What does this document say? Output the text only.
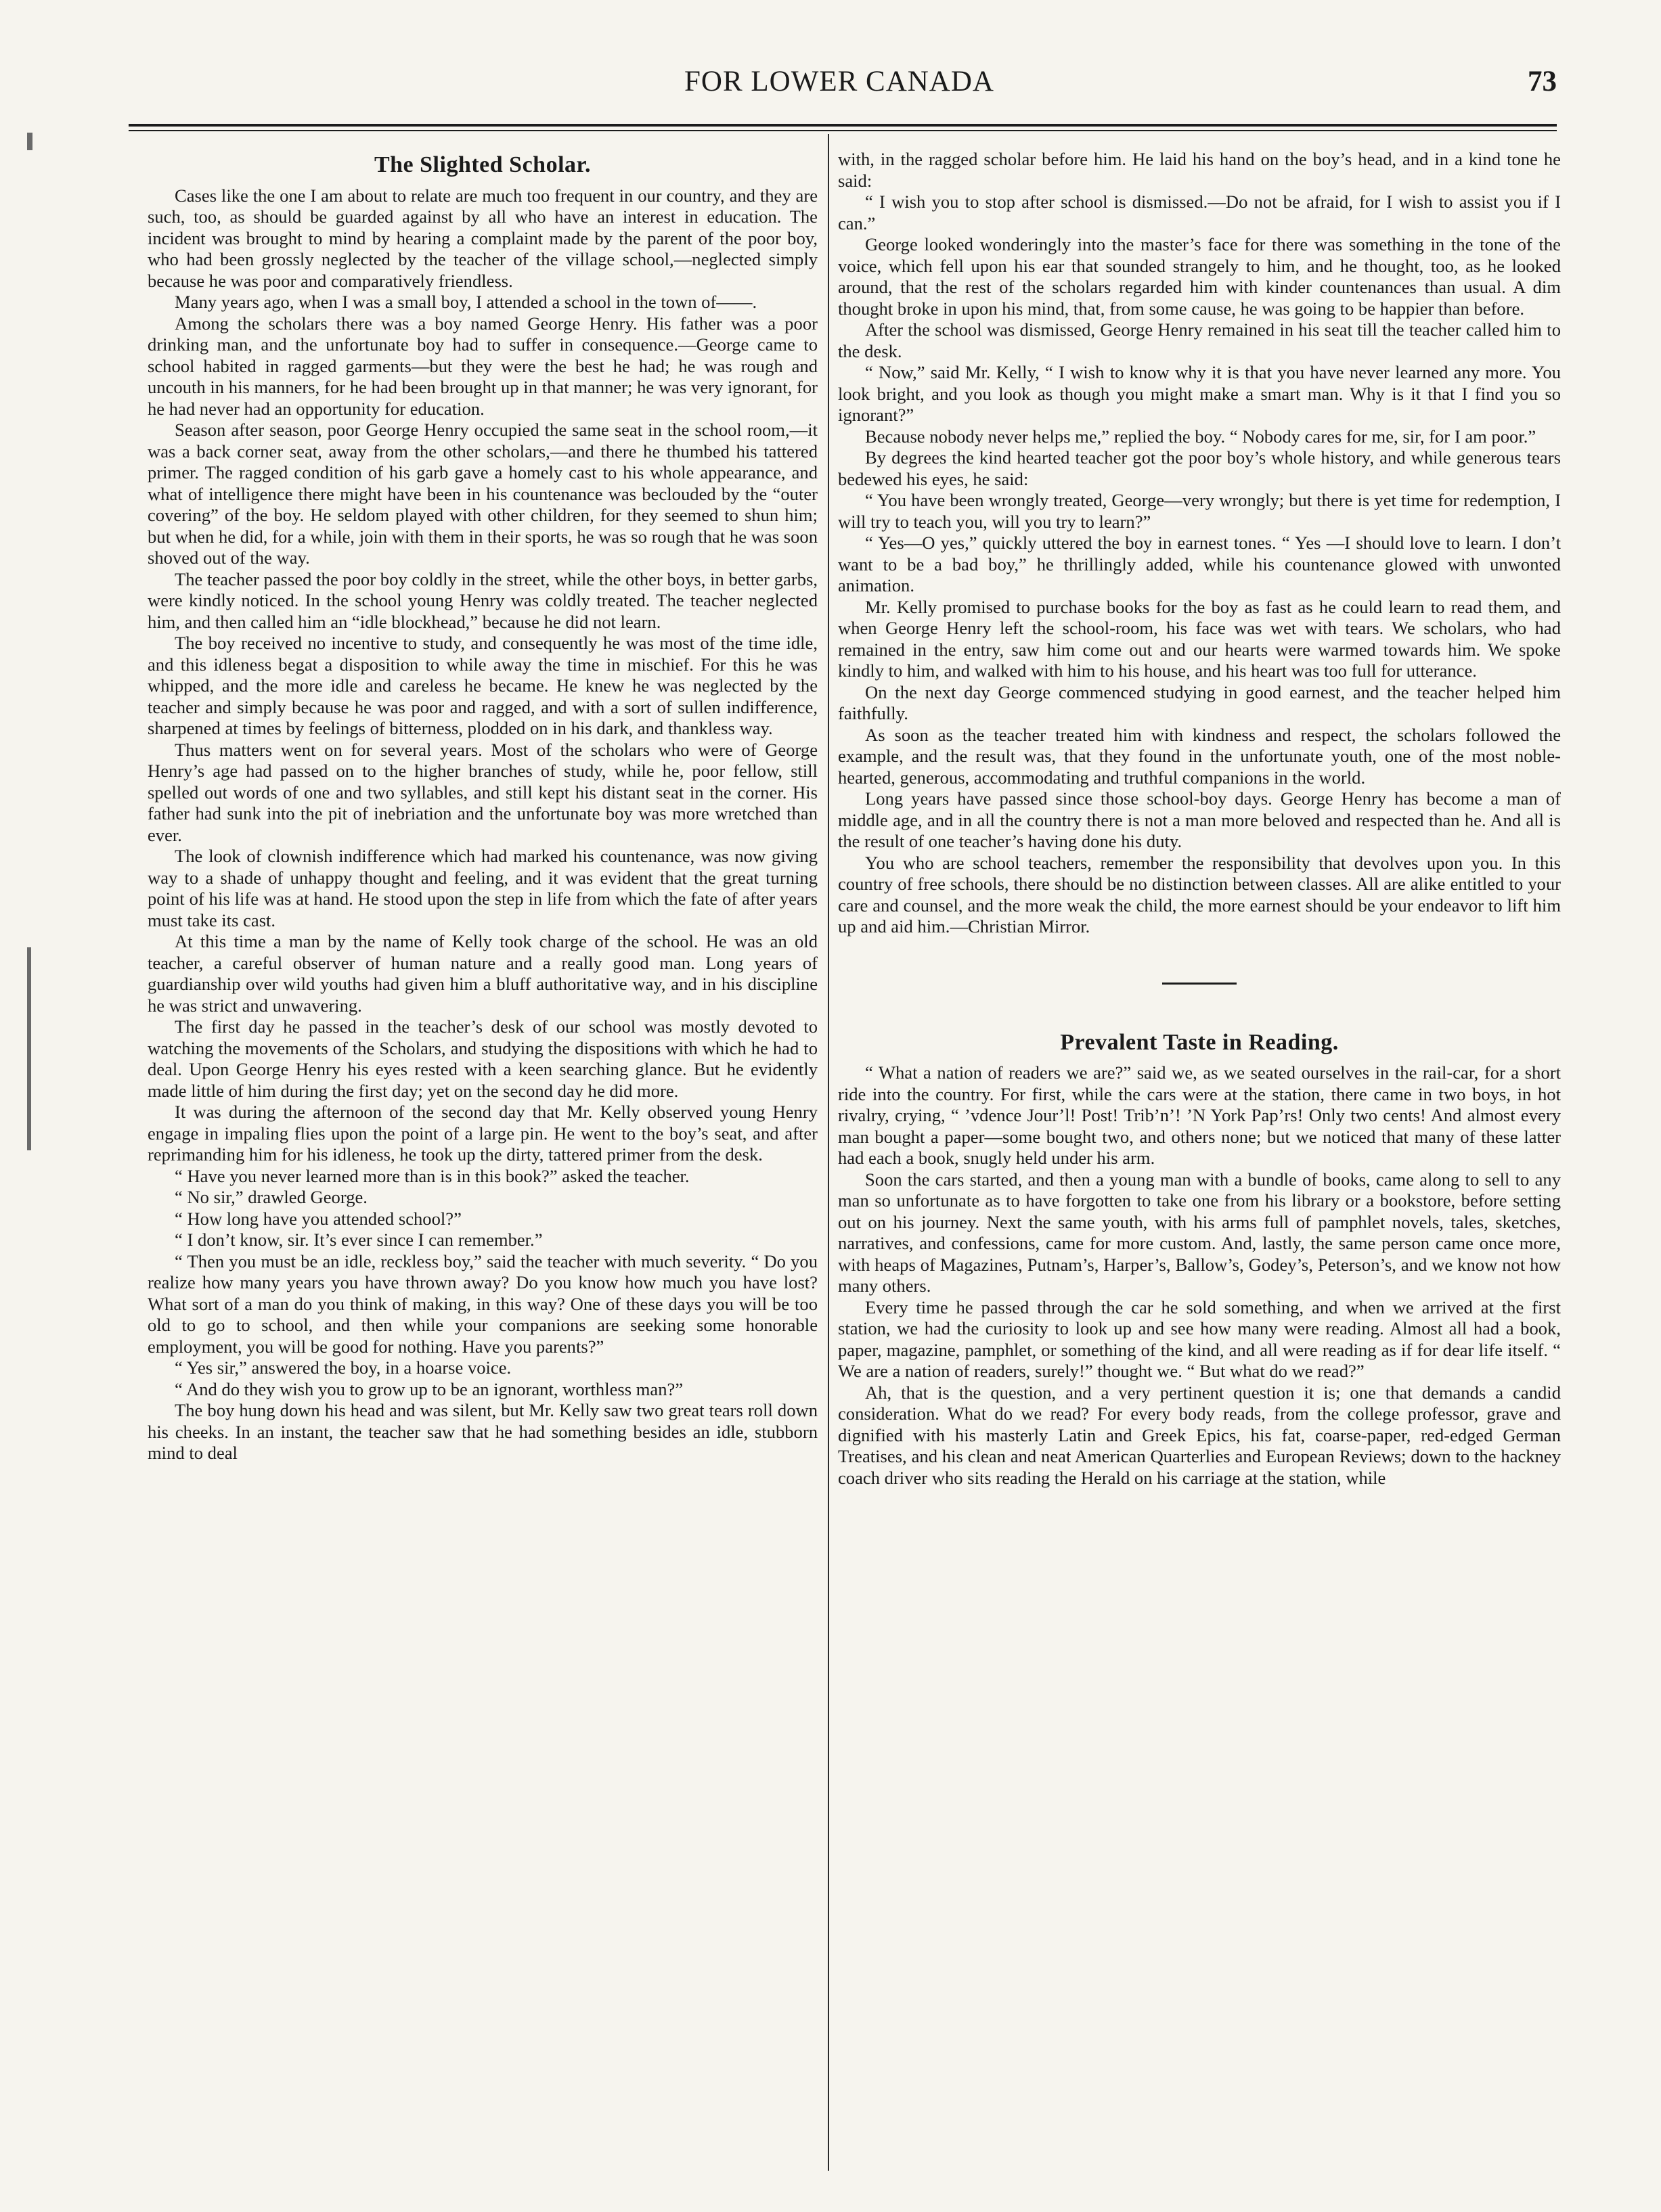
FOR LOWER CANADA	73
The Slighted Scholar.

Cases like the one I am about to relate are much too frequent in our country, and they are such, too, as should be guarded against by all who have an interest in education. The incident was brought to mind by hearing a complaint made by the parent of the poor boy, who had been grossly neglected by the teacher of the village school,—neglected simply because he was poor and comparatively friendless.

Many years ago, when I was a small boy, I attended a school in the town of——.

Among the scholars there was a boy named George Henry. His father was a poor drinking man, and the unfortunate boy had to suffer in consequence.—George came to school habited in ragged garments—but they were the best he had; he was rough and uncouth in his manners, for he had been brought up in that manner; he was very ignorant, for he had never had an opportunity for education.

Season after season, poor George Henry occupied the same seat in the school room,—it was a back corner seat, away from the other scholars,—and there he thumbed his tattered primer. The ragged condition of his garb gave a homely cast to his whole appearance, and what of intelligence there might have been in his countenance was beclouded by the “outer covering” of the boy. He seldom played with other children, for they seemed to shun him; but when he did, for a while, join with them in their sports, he was so rough that he was soon shoved out of the way.

The teacher passed the poor boy coldly in the street, while the other boys, in better garbs, were kindly noticed. In the school young Henry was coldly treated. The teacher neglected him, and then called him an “idle blockhead,” because he did not learn.

The boy received no incentive to study, and consequently he was most of the time idle, and this idleness begat a disposition to while away the time in mischief. For this he was whipped, and the more idle and careless he became. He knew he was neglected by the teacher and simply because he was poor and ragged, and with a sort of sullen indifference, sharpened at times by feelings of bitterness, plodded on in his dark, and thankless way.

Thus matters went on for several years. Most of the scholars who were of George Henry’s age had passed on to the higher branches of study, while he, poor fellow, still spelled out words of one and two syllables, and still kept his distant seat in the corner. His father had sunk into the pit of inebriation and the unfortunate boy was more wretched than ever.

The look of clownish indifference which had marked his countenance, was now giving way to a shade of unhappy thought and feeling, and it was evident that the great turning point of his life was at hand. He stood upon the step in life from which the fate of after years must take its cast.

At this time a man by the name of Kelly took charge of the school. He was an old teacher, a careful observer of human nature and a really good man. Long years of guardianship over wild youths had given him a bluff authoritative way, and in his discipline he was strict and unwavering.

The first day he passed in the teacher’s desk of our school was mostly devoted to watching the movements of the Scholars, and studying the dispositions with which he had to deal. Upon George Henry his eyes rested with a keen searching glance. But he evidently made little of him during the first day; yet on the second day he did more.

It was during the afternoon of the second day that Mr. Kelly observed young Henry engage in impaling flies upon the point of a large pin. He went to the boy’s seat, and after reprimanding him for his idleness, he took up the dirty, tattered primer from the desk.

“ Have you never learned more than is in this book?” asked the teacher.

“ No sir,” drawled George.

“ How long have you attended school?”

“ I don’t know, sir. It’s ever since I can remember.”

“ Then you must be an idle, reckless boy,” said the teacher with much severity. “ Do you realize how many years you have thrown away? Do you know how much you have lost? What sort of a man do you think of making, in this way? One of these days you will be too old to go to school, and then while your companions are seeking some honorable employment, you will be good for nothing. Have you parents?”

“ Yes sir,” answered the boy, in a hoarse voice.

“ And do they wish you to grow up to be an ignorant, worthless man?”

The boy hung down his head and was silent, but Mr. Kelly saw two great tears roll down his cheeks. In an instant, the teacher saw that he had something besides an idle, stubborn mind to deal

with, in the ragged scholar before him. He laid his hand on the boy’s head, and in a kind tone he said:

“ I wish you to stop after school is dismissed.—Do not be afraid, for I wish to assist you if I can.”

George looked wonderingly into the master’s face for there was something in the tone of the voice, which fell upon his ear that sounded strangely to him, and he thought, too, as he looked around, that the rest of the scholars regarded him with kinder countenances than usual. A dim thought broke in upon his mind, that, from some cause, he was going to be happier than before.

After the school was dismissed, George Henry remained in his seat till the teacher called him to the desk.

“ Now,” said Mr. Kelly, “ I wish to know why it is that you have never learned any more. You look bright, and you look as though you might make a smart man. Why is it that I find you so ignorant?”

Because nobody never helps me,” replied the boy. “ Nobody cares for me, sir, for I am poor.”

By degrees the kind hearted teacher got the poor boy’s whole history, and while generous tears bedewed his eyes, he said:

“ You have been wrongly treated, George—very wrongly; but there is yet time for redemption, I will try to teach you, will you try to learn?”

“ Yes—O yes,” quickly uttered the boy in earnest tones. “ Yes —I should love to learn. I don’t want to be a bad boy,” he thrillingly added, while his countenance glowed with unwonted animation.

Mr. Kelly promised to purchase books for the boy as fast as he could learn to read them, and when George Henry left the school-room, his face was wet with tears. We scholars, who had remained in the entry, saw him come out and our hearts were warmed towards him. We spoke kindly to him, and walked with him to his house, and his heart was too full for utterance.

On the next day George commenced studying in good earnest, and the teacher helped him faithfully.

As soon as the teacher treated him with kindness and respect, the scholars followed the example, and the result was, that they found in the unfortunate youth, one of the most noble-hearted, generous, accommodating and truthful companions in the world.

Long years have passed since those school-boy days. George Henry has become a man of middle age, and in all the country there is not a man more beloved and respected than he. And all is the result of one teacher’s having done his duty.

You who are school teachers, remember the responsibility that devolves upon you. In this country of free schools, there should be no distinction between classes. All are alike entitled to your care and counsel, and the more weak the child, the more earnest should be your endeavor to lift him up and aid him.—Christian Mirror.

Prevalent Taste in Reading.

“ What a nation of readers we are?” said we, as we seated ourselves in the rail-car, for a short ride into the country. For first, while the cars were at the station, there came in two boys, in hot rivalry, crying, “ ’vdence Jour’l! Post! Trib’n’! ’N York Pap’rs! Only two cents! And almost every man bought a paper—some bought two, and others none; but we noticed that many of these latter had each a book, snugly held under his arm.

Soon the cars started, and then a young man with a bundle of books, came along to sell to any man so unfortunate as to have forgotten to take one from his library or a bookstore, before setting out on his journey. Next the same youth, with his arms full of pamphlet novels, tales, sketches, narratives, and confessions, came for more custom. And, lastly, the same person came once more, with heaps of Magazines, Putnam’s, Harper’s, Ballow’s, Godey’s, Peterson’s, and we know not how many others.

Every time he passed through the car he sold something, and when we arrived at the first station, we had the curiosity to look up and see how many were reading. Almost all had a book, paper, magazine, pamphlet, or something of the kind, and all were reading as if for dear life itself. “ We are a nation of readers, surely!” thought we. “ But what do we read?”

Ah, that is the question, and a very pertinent question it is; one that demands a candid consideration. What do we read? For every body reads, from the college professor, grave and dignified with his masterly Latin and Greek Epics, his fat, coarse-paper, red-edged German Treatises, and his clean and neat American Quarterlies and European Reviews; down to the hackney coach driver who sits reading the Herald on his carriage at the station, while
